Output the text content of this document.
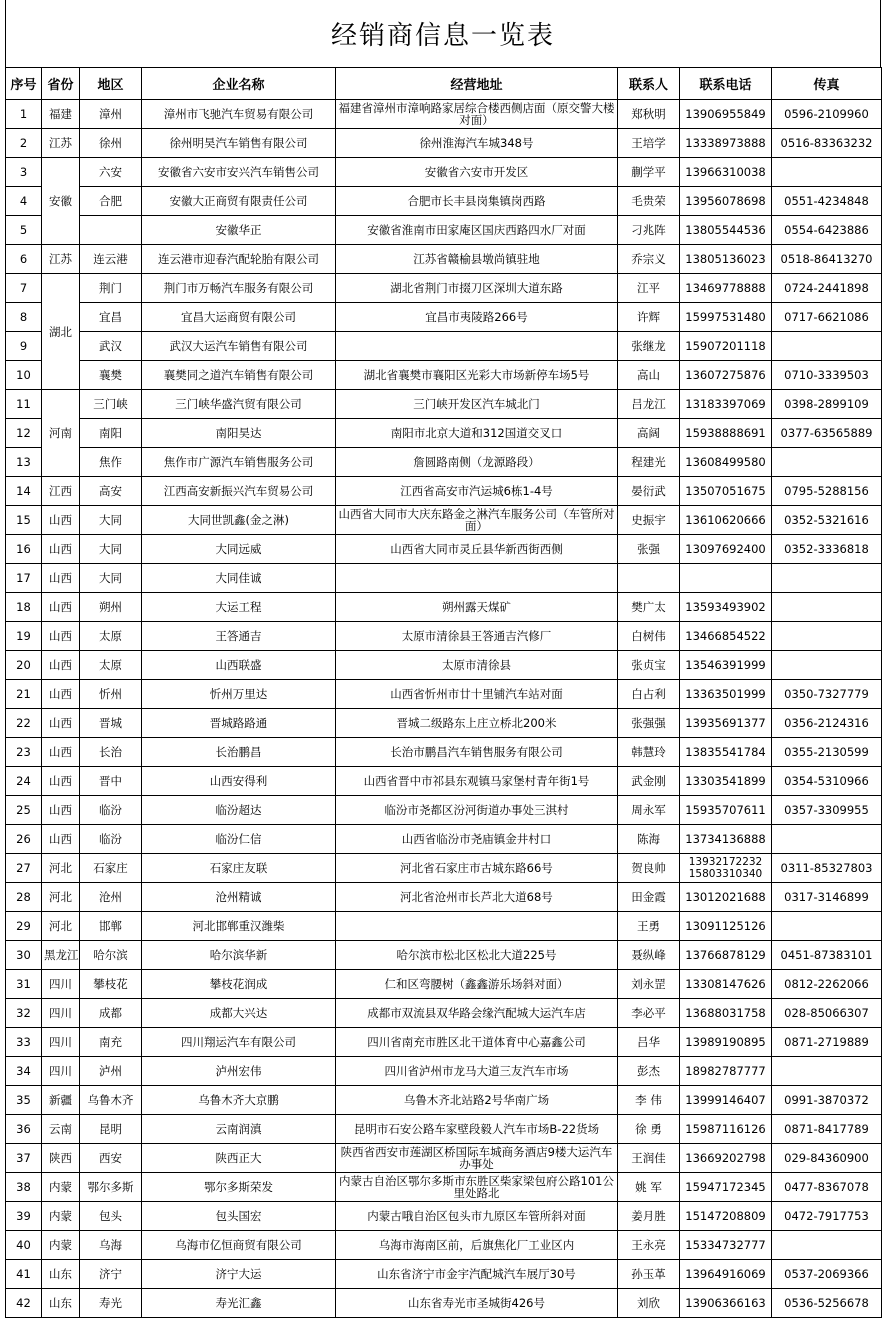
经销商信息一览表
序号	省份	地区	企业名称	经营地址	联系人	联系电话	传真
1	福建	漳州	漳州市飞驰汽车贸易有限公司	福建省漳州市漳响路家居综合楼西侧店面（原交警大楼对面）	郑秋明	13906955849	0596-2109960
2	江苏	徐州	徐州明昊汽车销售有限公司	徐州淮海汽车城348号	王培学	13338973888	0516-83363232
3	安徽	六安	安徽省六安市安兴汽车销售公司	安徽省六安市开发区	蒯学平	13966310038	
4		合肥	安徽大正商贸有限责任公司	合肥市长丰县岗集镇岗西路	毛贵荣	13956078698	0551-4234848
5			安徽华正	安徽省淮南市田家庵区国庆西路四水厂对面	刁兆阵	13805544536	0554-6423886
6	江苏	连云港	连云港市迎春汽配轮胎有限公司	江苏省赣榆县墩尚镇驻地	乔宗义	13805136023	0518-86413270
7	湖北	荆门	荆门市万畅汽车服务有限公司	湖北省荆门市掇刀区深圳大道东路	江平	13469778888	0724-2441898
8		宜昌	宜昌大运商贸有限公司	宜昌市夷陵路266号	许辉	15997531480	0717-6621086
9		武汉	武汉大运汽车销售有限公司		张继龙	15907201118	
10		襄樊	襄樊同之道汽车销售有限公司	湖北省襄樊市襄阳区光彩大市场新停车场5号	高山	13607275876	0710-3339503
11	河南	三门峡	三门峡华盛汽贸有限公司	三门峡开发区汽车城北门	吕龙江	13183397069	0398-2899109
12		南阳	南阳昊达	南阳市北京大道和312国道交叉口	高阔	15938888691	0377-63565889
13		焦作	焦作市广源汽车销售服务公司	詹圆路南侧（龙源路段）	程建光	13608499580	
14	江西	高安	江西高安新振兴汽车贸易公司	江西省高安市汽运城6栋1-4号	晏衍武	13507051675	0795-5288156
15	山西	大同	大同世凯鑫(金之淋)	山西省大同市大庆东路金之淋汽车服务公司（车管所对面）	史振宇	13610620666	0352-5321616
16	山西	大同	大同远威	山西省大同市灵丘县华新西街西侧	张强	13097692400	0352-3336818
17	山西	大同	大同佳诚				
18	山西	朔州	大运工程	朔州露天煤矿	樊广太	13593493902	
19	山西	太原	王答通吉	太原市清徐县王答通吉汽修厂	白树伟	13466854522	
20	山西	太原	山西联盛	太原市清徐县	张贞宝	13546391999	
21	山西	忻州	忻州万里达	山西省忻州市廿十里铺汽车站对面	白占利	13363501999	0350-7327779
22	山西	晋城	晋城路路通	晋城二级路东上庄立桥北200米	张强强	13935691377	0356-2124316
23	山西	长治	长治鹏昌	长治市鹏昌汽车销售服务有限公司	韩慧玲	13835541784	0355-2130599
24	山西	晋中	山西安得利	山西省晋中市祁县东观镇马家堡村青年街1号	武金刚	13303541899	0354-5310966
25	山西	临汾	临汾超达	临汾市尧都区汾河街道办事处三淇村	周永军	15935707611	0357-3309955
26	山西	临汾	临汾仁信	山西省临汾市尧庙镇金井村口	陈海	13734136888	
27	河北	石家庄	石家庄友联	河北省石家庄市古城东路66号	贺良帅	13932172232 15803310340	0311-85327803
28	河北	沧州	沧州精诚	河北省沧州市长芦北大道68号	田金霞	13012021688	0317-3146899
29	河北	邯郸	河北邯郸重汉潍柴		王勇	13091125126	
30	黑龙江	哈尔滨	哈尔滨华新	哈尔滨市松北区松北大道225号	聂纵峰	13766878129	0451-87383101
31	四川	攀枝花	攀枝花润成	仁和区弯腰树（鑫鑫游乐场斜对面）	刘永罡	13308147626	0812-2262066
32	四川	成都	成都大兴达	成都市双流县双华路会缘汽配城大运汽车店	李必平	13688031758	028-85066307
33	四川	南充	四川翔运汽车有限公司	四川省南充市胜区北干道体育中心嘉鑫公司	吕华	13989190895	0871-2719889
34	四川	泸州	泸州宏伟	四川省泸州市龙马大道三友汽车市场	彭杰	18982787777	
35	新疆	乌鲁木齐	乌鲁木齐大京鹏	乌鲁木齐北站路2号华南广场	李 伟	13999146407	0991-3870372
36	云南	昆明	云南润滇	昆明市石安公路车家壁段毅人汽车市场B-22货场	徐 勇	15987116126	0871-8417789
37	陕西	西安	陕西正大	陕西省西安市莲湖区桥国际车城商务酒店9楼大运汽车办事处	王润佳	13669202798	029-84360900
38	内蒙	鄂尔多斯	鄂尔多斯荣发	内蒙古自治区鄂尔多斯市东胜区柴家梁包府公路101公里处路北	姚 军	15947172345	0477-8367078
39	内蒙	包头	包头国宏	内蒙古哦自治区包头市九原区车管所斜对面	姜月胜	15147208809	0472-7917753
40	内蒙	乌海	乌海市亿恒商贸有限公司	乌海市海南区前，后旗焦化厂工业区内	王永亮	15334732777	
41	山东	济宁	济宁大运	山东省济宁市金宇汽配城汽车展厅30号	孙玉革	13964916069	0537-2069366
42	山东	寿光	寿光汇鑫	山东省寿光市圣城街426号	刘欣	13906366163	0536-5256678
